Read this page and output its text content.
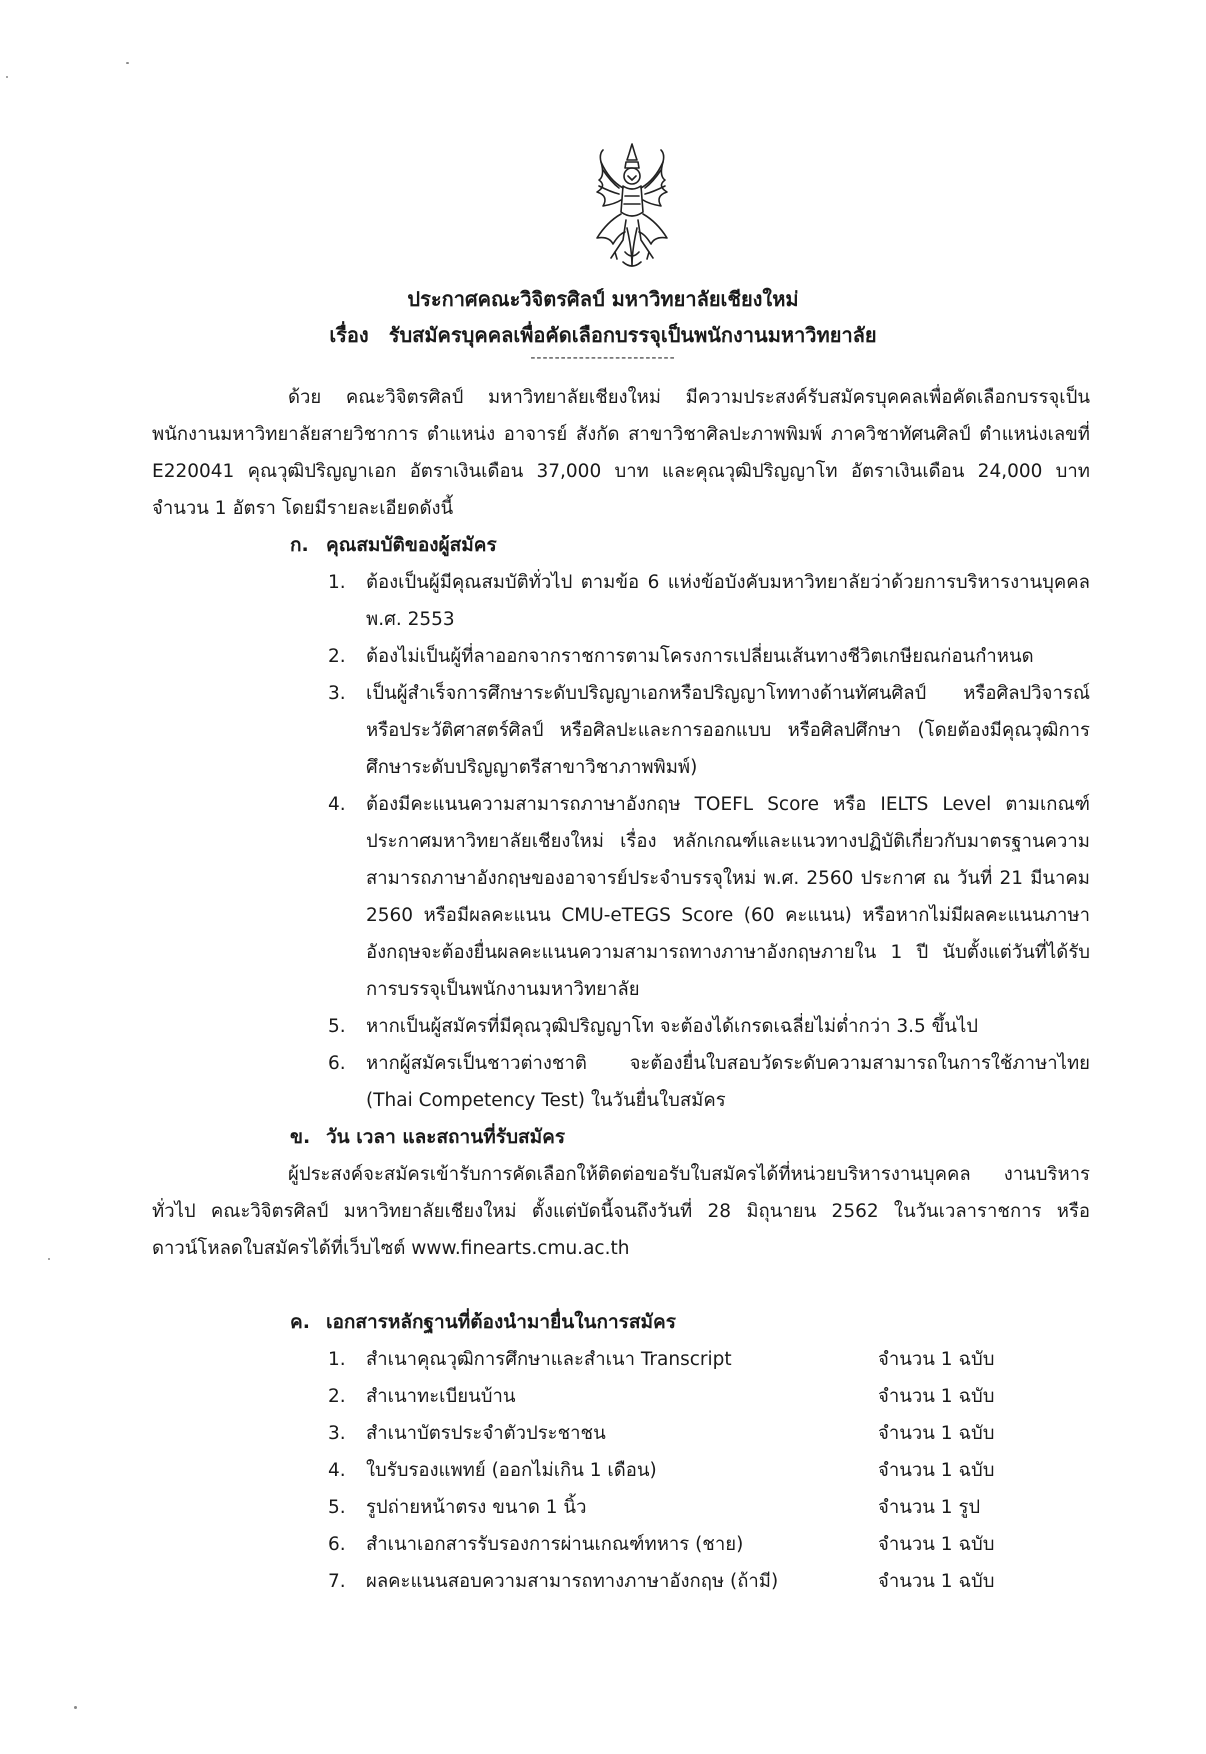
ประกาศคณะวิจิตรศิลป์ มหาวิทยาลัยเชียงใหม่
เรื่อง รับสมัครบุคคลเพื่อคัดเลือกบรรจุเป็นพนักงานมหาวิทยาลัย
------------------------
ด้วย คณะวิจิตรศิลป์ มหาวิทยาลัยเชียงใหม่ มีความประสงค์รับสมัครบุคคลเพื่อคัดเลือกบรรจุเป็นพนักงานมหาวิทยาลัยสายวิชาการ ตำแหน่ง อาจารย์ สังกัด สาขาวิชาศิลปะภาพพิมพ์ ภาควิชาทัศนศิลป์ ตำแหน่งเลขที่ E220041 คุณวุฒิปริญญาเอก อัตราเงินเดือน 37,000 บาท และคุณวุฒิปริญญาโท อัตราเงินเดือน 24,000 บาท จำนวน 1 อัตรา โดยมีรายละเอียดดังนี้
ก. คุณสมบัติของผู้สมัคร
1.	ต้องเป็นผู้มีคุณสมบัติทั่วไป ตามข้อ 6 แห่งข้อบังคับมหาวิทยาลัยว่าด้วยการบริหารงานบุคคล พ.ศ. 2553
2.	ต้องไม่เป็นผู้ที่ลาออกจากราชการตามโครงการเปลี่ยนเส้นทางชีวิตเกษียณก่อนกำหนด
3.	เป็นผู้สำเร็จการศึกษาระดับปริญญาเอกหรือปริญญาโททางด้านทัศนศิลป์ หรือศิลปวิจารณ์ หรือประวัติศาสตร์ศิลป์ หรือศิลปะและการออกแบบ หรือศิลปศึกษา (โดยต้องมีคุณวุฒิการศึกษาระดับปริญญาตรีสาขาวิชาภาพพิมพ์)
4.	ต้องมีคะแนนความสามารถภาษาอังกฤษ TOEFL Score หรือ IELTS Level ตามเกณฑ์ประกาศมหาวิทยาลัยเชียงใหม่ เรื่อง หลักเกณฑ์และแนวทางปฏิบัติเกี่ยวกับมาตรฐานความสามารถภาษาอังกฤษของอาจารย์ประจำบรรจุใหม่ พ.ศ. 2560 ประกาศ ณ วันที่ 21 มีนาคม 2560 หรือมีผลคะแนน CMU-eTEGS Score (60 คะแนน) หรือหากไม่มีผลคะแนนภาษาอังกฤษจะต้องยื่นผลคะแนนความสามารถทางภาษาอังกฤษภายใน 1 ปี นับตั้งแต่วันที่ได้รับการบรรจุเป็นพนักงานมหาวิทยาลัย
5.	หากเป็นผู้สมัครที่มีคุณวุฒิปริญญาโท จะต้องได้เกรดเฉลี่ยไม่ต่ำกว่า 3.5 ขึ้นไป
6.	หากผู้สมัครเป็นชาวต่างชาติ จะต้องยื่นใบสอบวัดระดับความสามารถในการใช้ภาษาไทย (Thai Competency Test) ในวันยื่นใบสมัคร
ข. วัน เวลา และสถานที่รับสมัคร
ผู้ประสงค์จะสมัครเข้ารับการคัดเลือกให้ติดต่อขอรับใบสมัครได้ที่หน่วยบริหารงานบุคคล งานบริหารทั่วไป คณะวิจิตรศิลป์ มหาวิทยาลัยเชียงใหม่ ตั้งแต่บัดนี้จนถึงวันที่ 28 มิถุนายน 2562 ในวันเวลาราชการ หรือดาวน์โหลดใบสมัครได้ที่เว็บไซต์ www.finearts.cmu.ac.th
ค. เอกสารหลักฐานที่ต้องนำมายื่นในการสมัคร
1.	สำเนาคุณวุฒิการศึกษาและสำเนา Transcript	จำนวน 1 ฉบับ
2.	สำเนาทะเบียนบ้าน	จำนวน 1 ฉบับ
3.	สำเนาบัตรประจำตัวประชาชน	จำนวน 1 ฉบับ
4.	ใบรับรองแพทย์ (ออกไม่เกิน 1 เดือน)	จำนวน 1 ฉบับ
5.	รูปถ่ายหน้าตรง ขนาด 1 นิ้ว	จำนวน 1 รูป
6.	สำเนาเอกสารรับรองการผ่านเกณฑ์ทหาร (ชาย)	จำนวน 1 ฉบับ
7.	ผลคะแนนสอบความสามารถทางภาษาอังกฤษ (ถ้ามี)	จำนวน 1 ฉบับ
